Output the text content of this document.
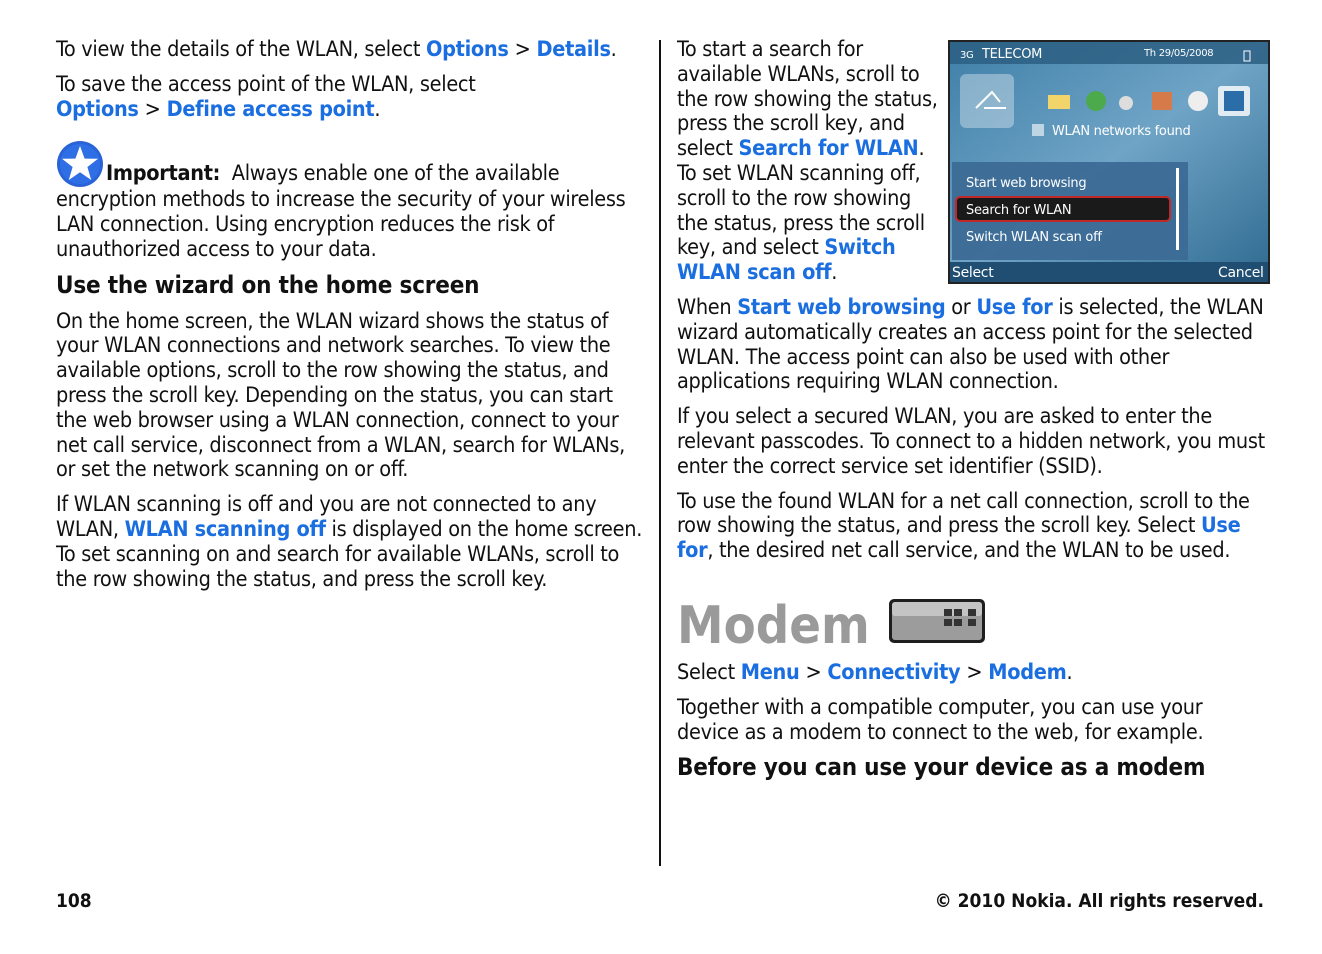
To view the details of the WLAN, select Options > Details.

To save the access point of the WLAN, select Options > Define access point.

Important: Always enable one of the available encryption methods to increase the security of your wireless LAN connection. Using encryption reduces the risk of unauthorized access to your data.

Use the wizard on the home screen

On the home screen, the WLAN wizard shows the status of your WLAN connections and network searches. To view the available options, scroll to the row showing the status, and press the scroll key. Depending on the status, you can start the web browser using a WLAN connection, connect to your net call service, disconnect from a WLAN, search for WLANs, or set the network scanning on or off.

If WLAN scanning is off and you are not connected to any WLAN, WLAN scanning off is displayed on the home screen. To set scanning on and search for available WLANs, scroll to the row showing the status, and press the scroll key.

3G TELECOM	Th 29/05/2008
WLAN networks found
Start web browsing
Search for WLAN
Switch WLAN scan off
Select	Cancel

To start a search for available WLANs, scroll to the row showing the status, press the scroll key, and select Search for WLAN. To set WLAN scanning off, scroll to the row showing the status, press the scroll key, and select Switch WLAN scan off.

When Start web browsing or Use for is selected, the WLAN wizard automatically creates an access point for the selected WLAN. The access point can also be used with other applications requiring WLAN connection.

If you select a secured WLAN, you are asked to enter the relevant passcodes. To connect to a hidden network, you must enter the correct service set identifier (SSID).

To use the found WLAN for a net call connection, scroll to the row showing the status, and press the scroll key. Select Use for, the desired net call service, and the WLAN to be used.

Modem

Select Menu > Connectivity > Modem.

Together with a compatible computer, you can use your device as a modem to connect to the web, for example.

Before you can use your device as a modem
108	© 2010 Nokia. All rights reserved.
